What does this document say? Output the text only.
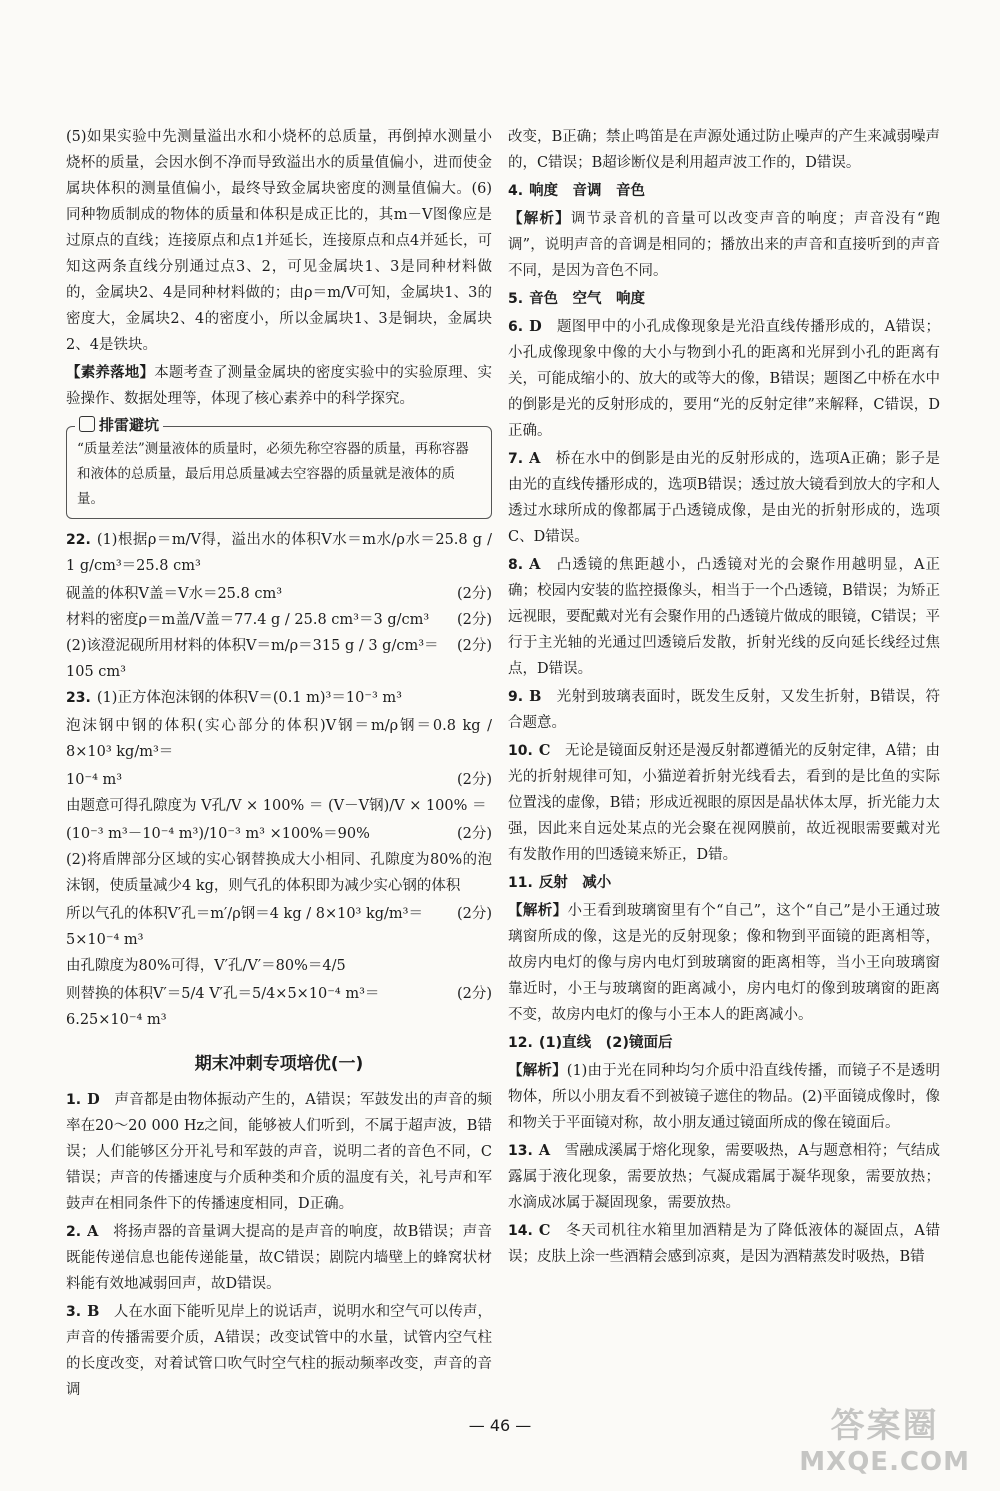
(5)如果实验中先测量溢出水和小烧杯的总质量，再倒掉水测量小烧杯的质量，会因水倒不净而导致溢出水的质量值偏小，进而使金属块体积的测量值偏小，最终导致金属块密度的测量值偏大。(6)同种物质制成的物体的质量和体积是成正比的，其m－V图像应是过原点的直线；连接原点和点1并延长，连接原点和点4并延长，可知这两条直线分别通过点3、2，可见金属块1、3是同种材料做的，金属块2、4是同种材料做的；由ρ＝m/V可知，金属块1、3的密度大，金属块2、4的密度小，所以金属块1、3是铜块，金属块2、4是铁块。

【素养落地】本题考查了测量金属块的密度实验中的实验原理、实验操作、数据处理等，体现了核心素养中的科学探究。

排雷避坑
“质量差法”测量液体的质量时，必须先称空容器的质量，再称容器和液体的总质量，最后用总质量减去空容器的质量就是液体的质量。

22. (1)根据ρ＝m/V得，溢出水的体积V水＝m水/ρ水＝25.8 g / 1 g/cm³＝25.8 cm³

砚盖的体积V盖＝V水＝25.8 cm³	(2分)
材料的密度ρ＝m盖/V盖＝77.4 g / 25.8 cm³＝3 g/cm³ (2分)
(2)该澄泥砚所用材料的体积V＝m/ρ＝315 g / 3 g/cm³＝105 cm³
(2分)

23. (1)正方体泡沫钢的体积V＝(0.1 m)³＝10⁻³ m³

泡沫钢中钢的体积(实心部分的体积)V钢＝m/ρ钢＝0.8 kg / 8×10³ kg/m³＝

10⁻⁴ m³	(2分)

由题意可得孔隙度为 V孔/V × 100% ＝ (V－V钢)/V × 100% ＝

(10⁻³ m³－10⁻⁴ m³)/10⁻³ m³ ×100%＝90%	(2分)

(2)将盾牌部分区域的实心钢替换成大小相同、孔隙度为80%的泡沫钢，使质量减少4 kg，则气孔的体积即为减少实心钢的体积

所以气孔的体积V′孔＝m′/ρ钢＝4 kg / 8×10³ kg/m³＝5×10⁻⁴ m³
(2分)

由孔隙度为80%可得，V′孔/V′＝80%＝4/5

则替换的体积V′＝5/4 V′孔＝5/4×5×10⁻⁴ m³＝6.25×10⁻⁴ m³
(2分)
期末冲刺专项培优(一)

1. D　 声音都是由物体振动产生的，A错误；军鼓发出的声音的频率在20～20 000 Hz之间，能够被人们听到，不属于超声波，B错误；人们能够区分开礼号和军鼓的声音，说明二者的音色不同，C错误；声音的传播速度与介质种类和介质的温度有关，礼号声和军鼓声在相同条件下的传播速度相同，D正确。

2. A　 将扬声器的音量调大提高的是声音的响度，故B错误；声音既能传递信息也能传递能量，故C错误；剧院内墙壁上的蜂窝状材料能有效地减弱回声，故D错误。

3. B　 人在水面下能听见岸上的说话声，说明水和空气可以传声，声音的传播需要介质，A错误；改变试管中的水量，试管内空气柱的长度改变，对着试管口吹气时空气柱的振动频率改变，声音的音调

改变，B正确；禁止鸣笛是在声源处通过防止噪声的产生来减弱噪声的，C错误；B超诊断仪是利用超声波工作的，D错误。

4. 响度　音调　音色

【解析】调节录音机的音量可以改变声音的响度；声音没有“跑调”，说明声音的音调是相同的；播放出来的声音和直接听到的声音不同，是因为音色不同。

5. 音色　空气　响度

6. D　 题图甲中的小孔成像现象是光沿直线传播形成的，A错误；小孔成像现象中像的大小与物到小孔的距离和光屏到小孔的距离有关，可能成缩小的、放大的或等大的像，B错误；题图乙中桥在水中的倒影是光的反射形成的，要用“光的反射定律”来解释，C错误，D正确。

7. A　 桥在水中的倒影是由光的反射形成的，选项A正确；影子是由光的直线传播形成的，选项B错误；透过放大镜看到放大的字和人透过水球所成的像都属于凸透镜成像，是由光的折射形成的，选项C、D错误。

8. A　 凸透镜的焦距越小，凸透镜对光的会聚作用越明显，A正确；校园内安装的监控摄像头，相当于一个凸透镜，B错误；为矫正远视眼，要配戴对光有会聚作用的凸透镜片做成的眼镜，C错误；平行于主光轴的光通过凹透镜后发散，折射光线的反向延长线经过焦点，D错误。

9. B　 光射到玻璃表面时，既发生反射，又发生折射，B错误，符合题意。

10. C　 无论是镜面反射还是漫反射都遵循光的反射定律，A错；由光的折射规律可知，小猫逆着折射光线看去，看到的是比鱼的实际位置浅的虚像，B错；形成近视眼的原因是晶状体太厚，折光能力太强，因此来自远处某点的光会聚在视网膜前，故近视眼需要戴对光有发散作用的凹透镜来矫正，D错。

11. 反射　减小

【解析】小王看到玻璃窗里有个“自己”，这个“自己”是小王通过玻璃窗所成的像，这是光的反射现象；像和物到平面镜的距离相等，故房内电灯的像与房内电灯到玻璃窗的距离相等，当小王向玻璃窗靠近时，小王与玻璃窗的距离减小，房内电灯的像到玻璃窗的距离不变，故房内电灯的像与小王本人的距离减小。

12. (1)直线　(2)镜面后

【解析】(1)由于光在同种均匀介质中沿直线传播，而镜子不是透明物体，所以小朋友看不到被镜子遮住的物品。(2)平面镜成像时，像和物关于平面镜对称，故小朋友通过镜面所成的像在镜面后。

13. A　 雪融成溪属于熔化现象，需要吸热，A与题意相符；气结成露属于液化现象，需要放热；气凝成霜属于凝华现象，需要放热；水滴成冰属于凝固现象，需要放热。

14. C　 冬天司机往水箱里加酒精是为了降低液体的凝固点，A错误；皮肤上涂一些酒精会感到凉爽，是因为酒精蒸发时吸热，B错

— 46 —	答案圈
MXQE.COM
